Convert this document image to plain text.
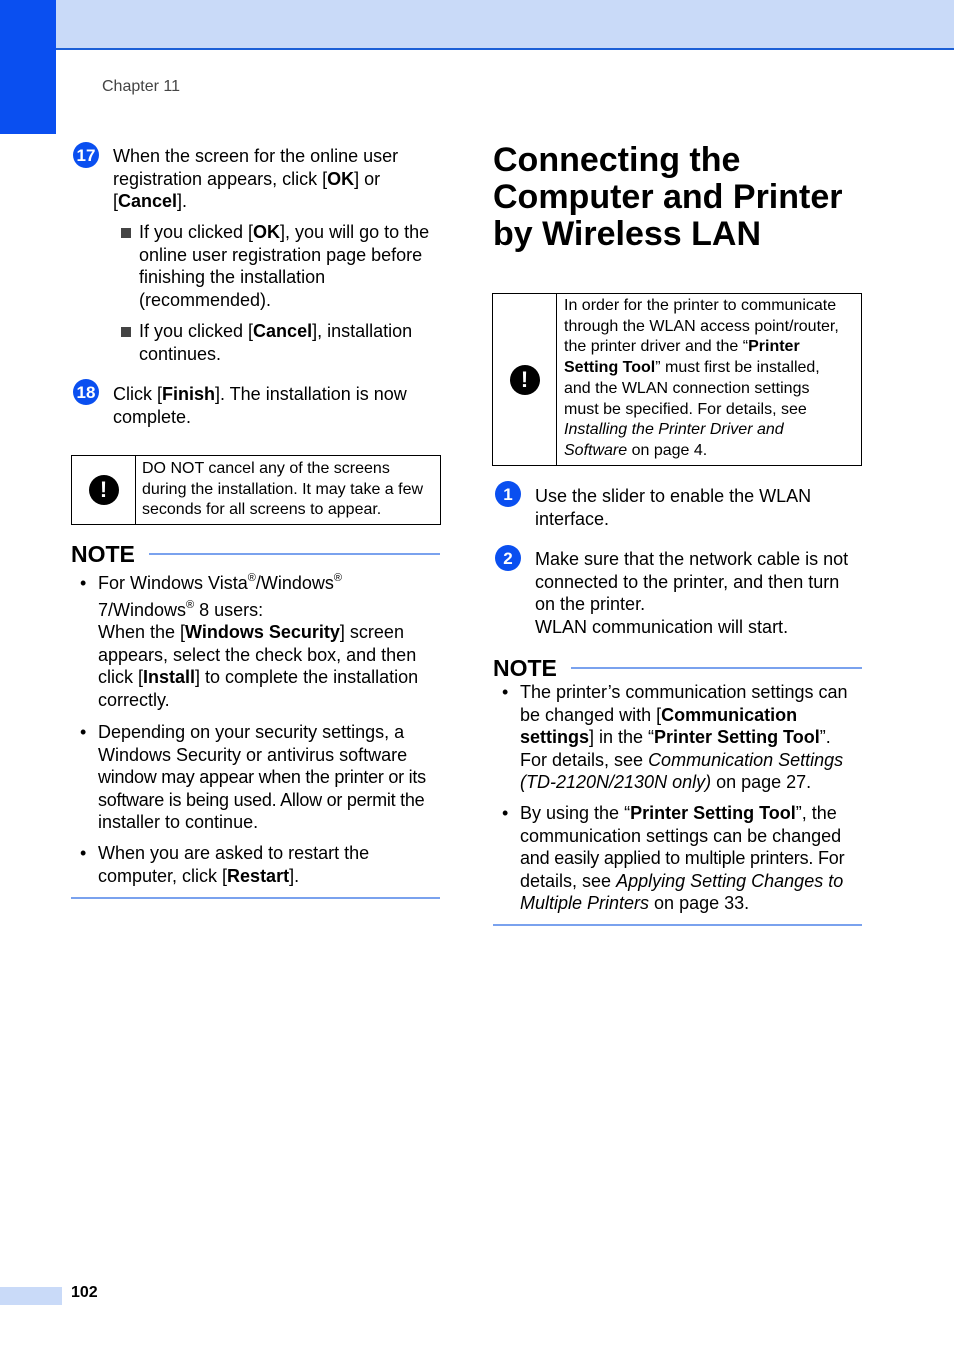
Chapter 11
102
17 When the screen for the online user
registration appears, click [OK] or
[Cancel].
If you clicked [OK], you will go to the
online user registration page before
finishing the installation
(recommended).
If you clicked [Cancel], installation
continues.
18 Click [Finish]. The installation is now
complete.
!
DO NOT cancel any of the screens
during the installation. It may take a few
seconds for all screens to appear.
NOTE
• For Windows Vista®/Windows®
7/Windows® 8 users:
When the [Windows Security] screen
appears, select the check box, and then
click [Install] to complete the installation
correctly.
• Depending on your security settings, a
Windows Security or antivirus software
window may appear when the printer or its
software is being used. Allow or permit the
installer to continue.
• When you are asked to restart the
computer, click [Restart].
Connecting the
Computer and Printer
by Wireless LAN
!
In order for the printer to communicate
through the WLAN access point/router,
the printer driver and the “Printer
Setting Tool” must first be installed,
and the WLAN connection settings
must be specified. For details, see
Installing the Printer Driver and
Software on page 4.
1	Use the slider to enable the WLAN
interface.
2	Make sure that the network cable is not
connected to the printer, and then turn
on the printer.
WLAN communication will start.
NOTE
• The printer’s communication settings can
be changed with [Communication
settings] in the “Printer Setting Tool”.
For details, see Communication Settings
(TD-2120N/2130N only) on page 27.
• By using the “Printer Setting Tool”, the
communication settings can be changed
and easily applied to multiple printers. For
details, see Applying Setting Changes to
Multiple Printers on page 33.
